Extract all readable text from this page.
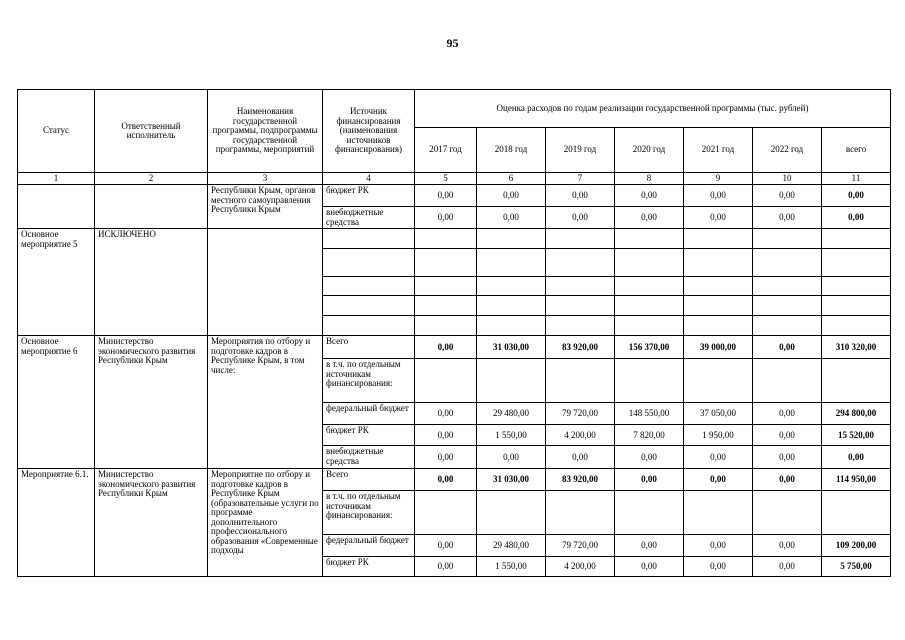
95
Статус	Ответственный исполнитель	Наименования государственной программы, подпрограммы государственной программы, мероприятий	Источник финансирования (наименования источников финансирования)	Оценка расходов по годам реализации государственной программы (тыс. рублей)						
				2017 год	2018 год	2019 год	2020 год	2021 год	2022 год	всего
1	2	3	4	5	6	7	8	9	10	11
		Республики Крым, органов местного самоуправления Республики Крым	бюджет РК	0,00	0,00	0,00	0,00	0,00	0,00	0,00
			внебюджетные средства	0,00	0,00	0,00	0,00	0,00	0,00	0,00
Основное мероприятие 5	ИСКЛЮЧЕНО									

Основное мероприятие 6	Министерство экономического развития Республики Крым	Мероприятия по отбору и подготовке кадров в Республике Крым, в том числе:	Всего	0,00	31 030,00	83 920,00	156 370,00	39 000,00	0,00	310 320,00
			в т.ч. по отдельным источникам финансирования:							
			федеральный бюджет	0,00	29 480,00	79 720,00	148 550,00	37 050,00	0,00	294 800,00
			бюджет РК	0,00	1 550,00	4 200,00	7 820,00	1 950,00	0,00	15 520,00
			внебюджетные средства	0,00	0,00	0,00	0,00	0,00	0,00	0,00
Мероприятие 6.1.	Министерство экономического развития Республики Крым	Мероприятие по отбору и подготовке кадров в Республике Крым (образовательные услуги по программе дополнительного профессионального образования «Современные подходы	Всего	0,00	31 030,00	83 920,00	0,00	0,00	0,00	114 950,00
			в т.ч. по отдельным источникам финансирования:							
			федеральный бюджет	0,00	29 480,00	79 720,00	0,00	0,00	0,00	109 200,00
			бюджет РК	0,00	1 550,00	4 200,00	0,00	0,00	0,00	5 750,00
